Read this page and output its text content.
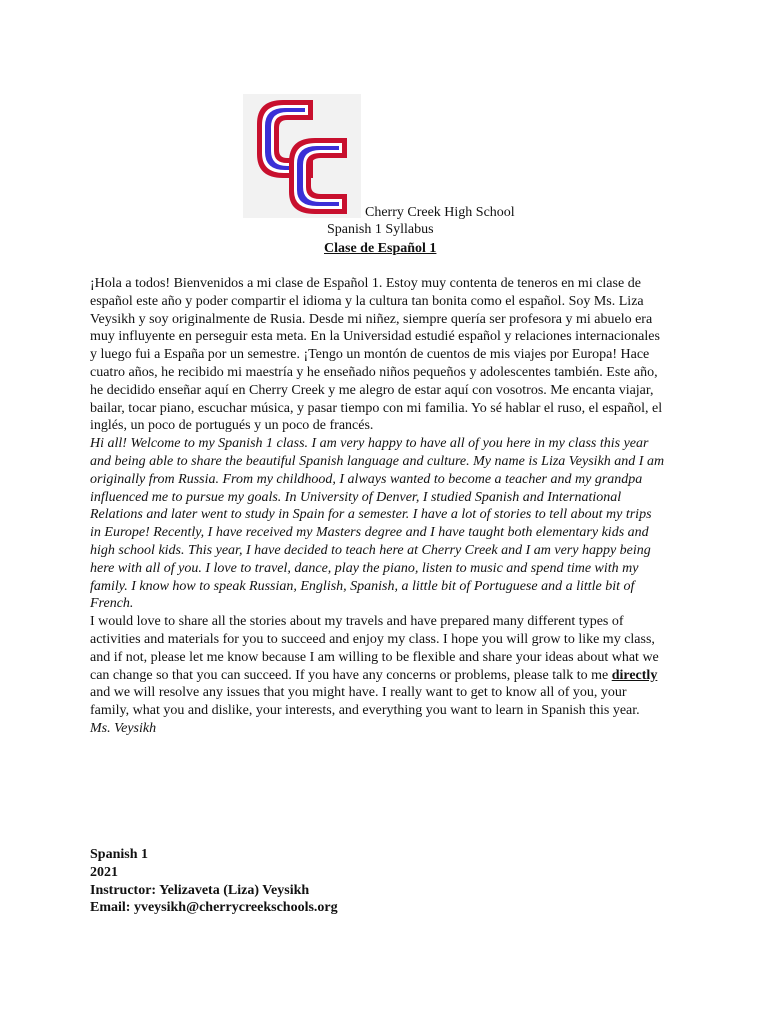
Cherry Creek High School
Spanish 1 Syllabus
Clase de Español 1

¡Hola a todos! Bienvenidos a mi clase de Español 1. Estoy muy contenta de teneros en mi clase de español este año y poder compartir el idioma y la cultura tan bonita como el español. Soy Ms. Liza Veysikh y soy originalmente de Rusia. Desde mi niñez, siempre quería ser profesora y mi abuelo era muy influyente en perseguir esta meta. En la Universidad estudié español y relaciones internacionales y luego fui a España por un semestre. ¡Tengo un montón de cuentos de mis viajes por Europa! Hace cuatro años, he recibido mi maestría y he enseñado niños pequeños y adolescentes también. Este año, he decidido enseñar aquí en Cherry Creek y me alegro de estar aquí con vosotros. Me encanta viajar, bailar, tocar piano, escuchar música, y pasar tiempo con mi familia. Yo sé hablar el ruso, el español, el inglés, un poco de portugués y un poco de francés.

Hi all! Welcome to my Spanish 1 class. I am very happy to have all of you here in my class this year and being able to share the beautiful Spanish language and culture. My name is Liza Veysikh and I am originally from Russia. From my childhood, I always wanted to become a teacher and my grandpa influenced me to pursue my goals. In University of Denver, I studied Spanish and International Relations and later went to study in Spain for a semester. I have a lot of stories to tell about my trips in Europe! Recently, I have received my Masters degree and I have taught both elementary kids and high school kids. This year, I have decided to teach here at Cherry Creek and I am very happy being here with all of you. I love to travel, dance, play the piano, listen to music and spend time with my family. I know how to speak Russian, English, Spanish, a little bit of Portuguese and a little bit of French.

I would love to share all the stories about my travels and have prepared many different types of activities and materials for you to succeed and enjoy my class. I hope you will grow to like my class, and if not, please let me know because I am willing to be flexible and share your ideas about what we can change so that you can succeed. If you have any concerns or problems, please talk to me directly and we will resolve any issues that you might have. I really want to get to know all of you, your family, what you and dislike, your interests, and everything you want to learn in Spanish this year.

Ms. Veysikh

Spanish 1
2021
Instructor: Yelizaveta (Liza) Veysikh
Email: yveysikh@cherrycreekschools.org
